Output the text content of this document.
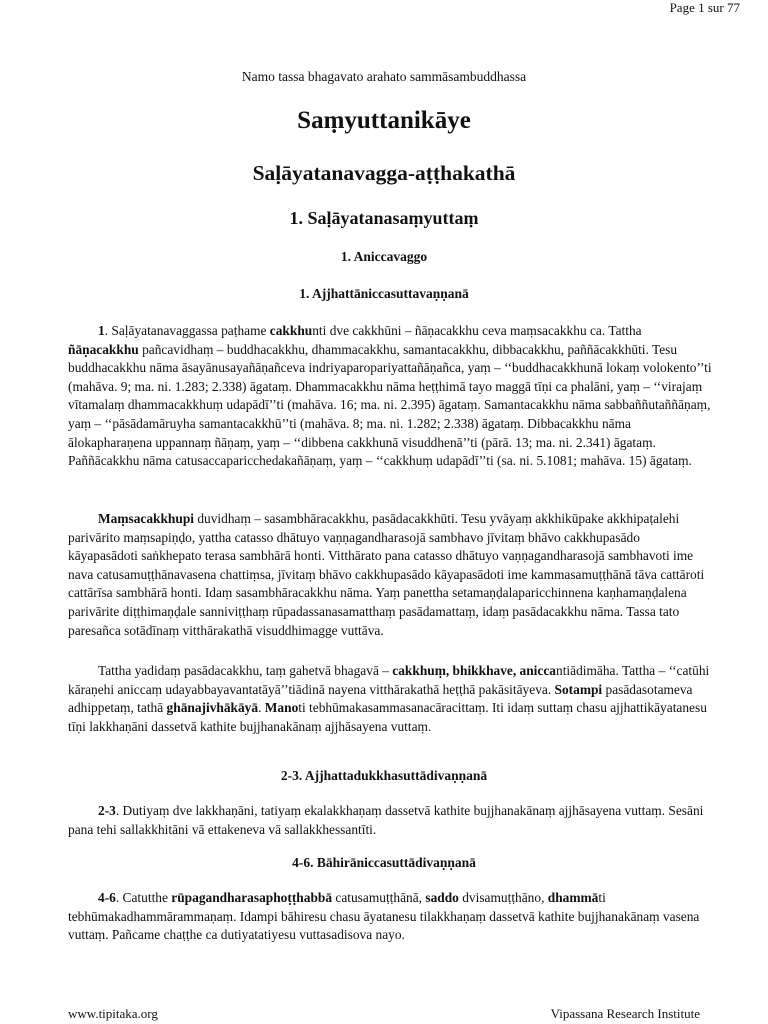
Page 1 sur 77
Namo tassa bhagavato arahato sammāsambuddhassa
Saṃyuttanikāye
Saḷāyatanavagga-aṭṭhakathā
1. Saḷāyatanasaṃyuttaṃ
1. Aniccavaggo
1. Ajjhattāniccasuttavaṇṇanā

1. Saḷāyatanavaggassa paṭhame cakkhunti dve cakkhūni – ñāṇacakkhu ceva maṃsacakkhu ca. Tattha ñāṇacakkhu pañcavidhaṃ – buddhacakkhu, dhammacakkhu, samantacakkhu, dibbacakkhu, paññācakkhūti. Tesu buddhacakkhu nāma āsayānusayañāṇañceva indriyaparopariyattañāṇañca, yaṃ – ‘‘buddhacakkhunā lokaṃ volokento’’ti (mahāva. 9; ma. ni. 1.283; 2.338) āgataṃ. Dhammacakkhu nāma heṭṭhimā tayo maggā tīṇi ca phalāni, yaṃ – ‘‘virajaṃ vītamalaṃ dhammacakkhuṃ udapādī’’ti (mahāva. 16; ma. ni. 2.395) āgataṃ. Samantacakkhu nāma sabbaññutaññāṇaṃ, yaṃ – ‘‘pāsādamāruyha samantacakkhū’’ti (mahāva. 8; ma. ni. 1.282; 2.338) āgataṃ. Dibbacakkhu nāma ālokapharaṇena uppannaṃ ñāṇaṃ, yaṃ – ‘‘dibbena cakkhunā visuddhenā’’ti (pārā. 13; ma. ni. 2.341) āgataṃ. Paññācakkhu nāma catusaccaparicchedakañāṇaṃ, yaṃ – ‘‘cakkhuṃ udapādī’’ti (sa. ni. 5.1081; mahāva. 15) āgataṃ.

Maṃsacakkhupi duvidhaṃ – sasambhāracakkhu, pasādacakkhūti. Tesu yvāyaṃ akkhikūpake akkhipaṭalehi parivārito maṃsapiṇḍo, yattha catasso dhātuyo vaṇṇagandharasojā sambhavo jīvitaṃ bhāvo cakkhupasādo kāyapasādoti saṅkhepato terasa sambhārā honti. Vitthārato pana catasso dhātuyo vaṇṇagandharasojā sambhavoti ime nava catusamuṭṭhānavasena chattiṃsa, jīvitaṃ bhāvo cakkhupasādo kāyapasādoti ime kammasamuṭṭhānā tāva cattāroti cattārīsa sambhārā honti. Idaṃ sasambhāracakkhu nāma. Yaṃ panettha setamaṇḍalaparicchinnena kaṇhamaṇḍalena parivārite diṭṭhimaṇḍale sanniviṭṭhaṃ rūpadassanasamatthaṃ pasādamattaṃ, idaṃ pasādacakkhu nāma. Tassa tato paresañca sotādīnaṃ vitthārakathā visuddhimagge vuttāva.

Tattha yadidaṃ pasādacakkhu, taṃ gahetvā bhagavā – cakkhuṃ, bhikkhave, aniccantiādimāha. Tattha – ‘‘catūhi kāraṇehi aniccaṃ udayabbayavantatāyā’’tiādinā nayena vitthārakathā heṭṭhā pakāsitāyeva. Sotampi pasādasotameva adhippetaṃ, tathā ghānajivhākāyā. Manoti tebhūmakasammasanacāracittaṃ. Iti idaṃ suttaṃ chasu ajjhattikāyatanesu tīṇi lakkhaṇāni dassetvā kathite bujjhanakānaṃ ajjhāsayena vuttaṃ.

2-3. Ajjhattadukkhasuttādivaṇṇanā

2-3. Dutiyaṃ dve lakkhaṇāni, tatiyaṃ ekalakkhaṇaṃ dassetvā kathite bujjhanakānaṃ ajjhāsayena vuttaṃ. Sesāni pana tehi sallakkhitāni vā ettakeneva vā sallakkhessantīti.

4-6. Bāhirāniccasuttādivaṇṇanā

4-6. Catutthe rūpagandharasaphoṭṭhabbā catusamuṭṭhānā, saddo dvisamuṭṭhāno, dhammāti tebhūmakadhammārammaṇaṃ. Idampi bāhiresu chasu āyatanesu tilakkhaṇaṃ dassetvā kathite bujjhanakānaṃ vasena vuttaṃ. Pañcame chaṭṭhe ca dutiyatatiyesu vuttasadisova nayo.

www.tipitaka.org	Vipassana Research Institute
